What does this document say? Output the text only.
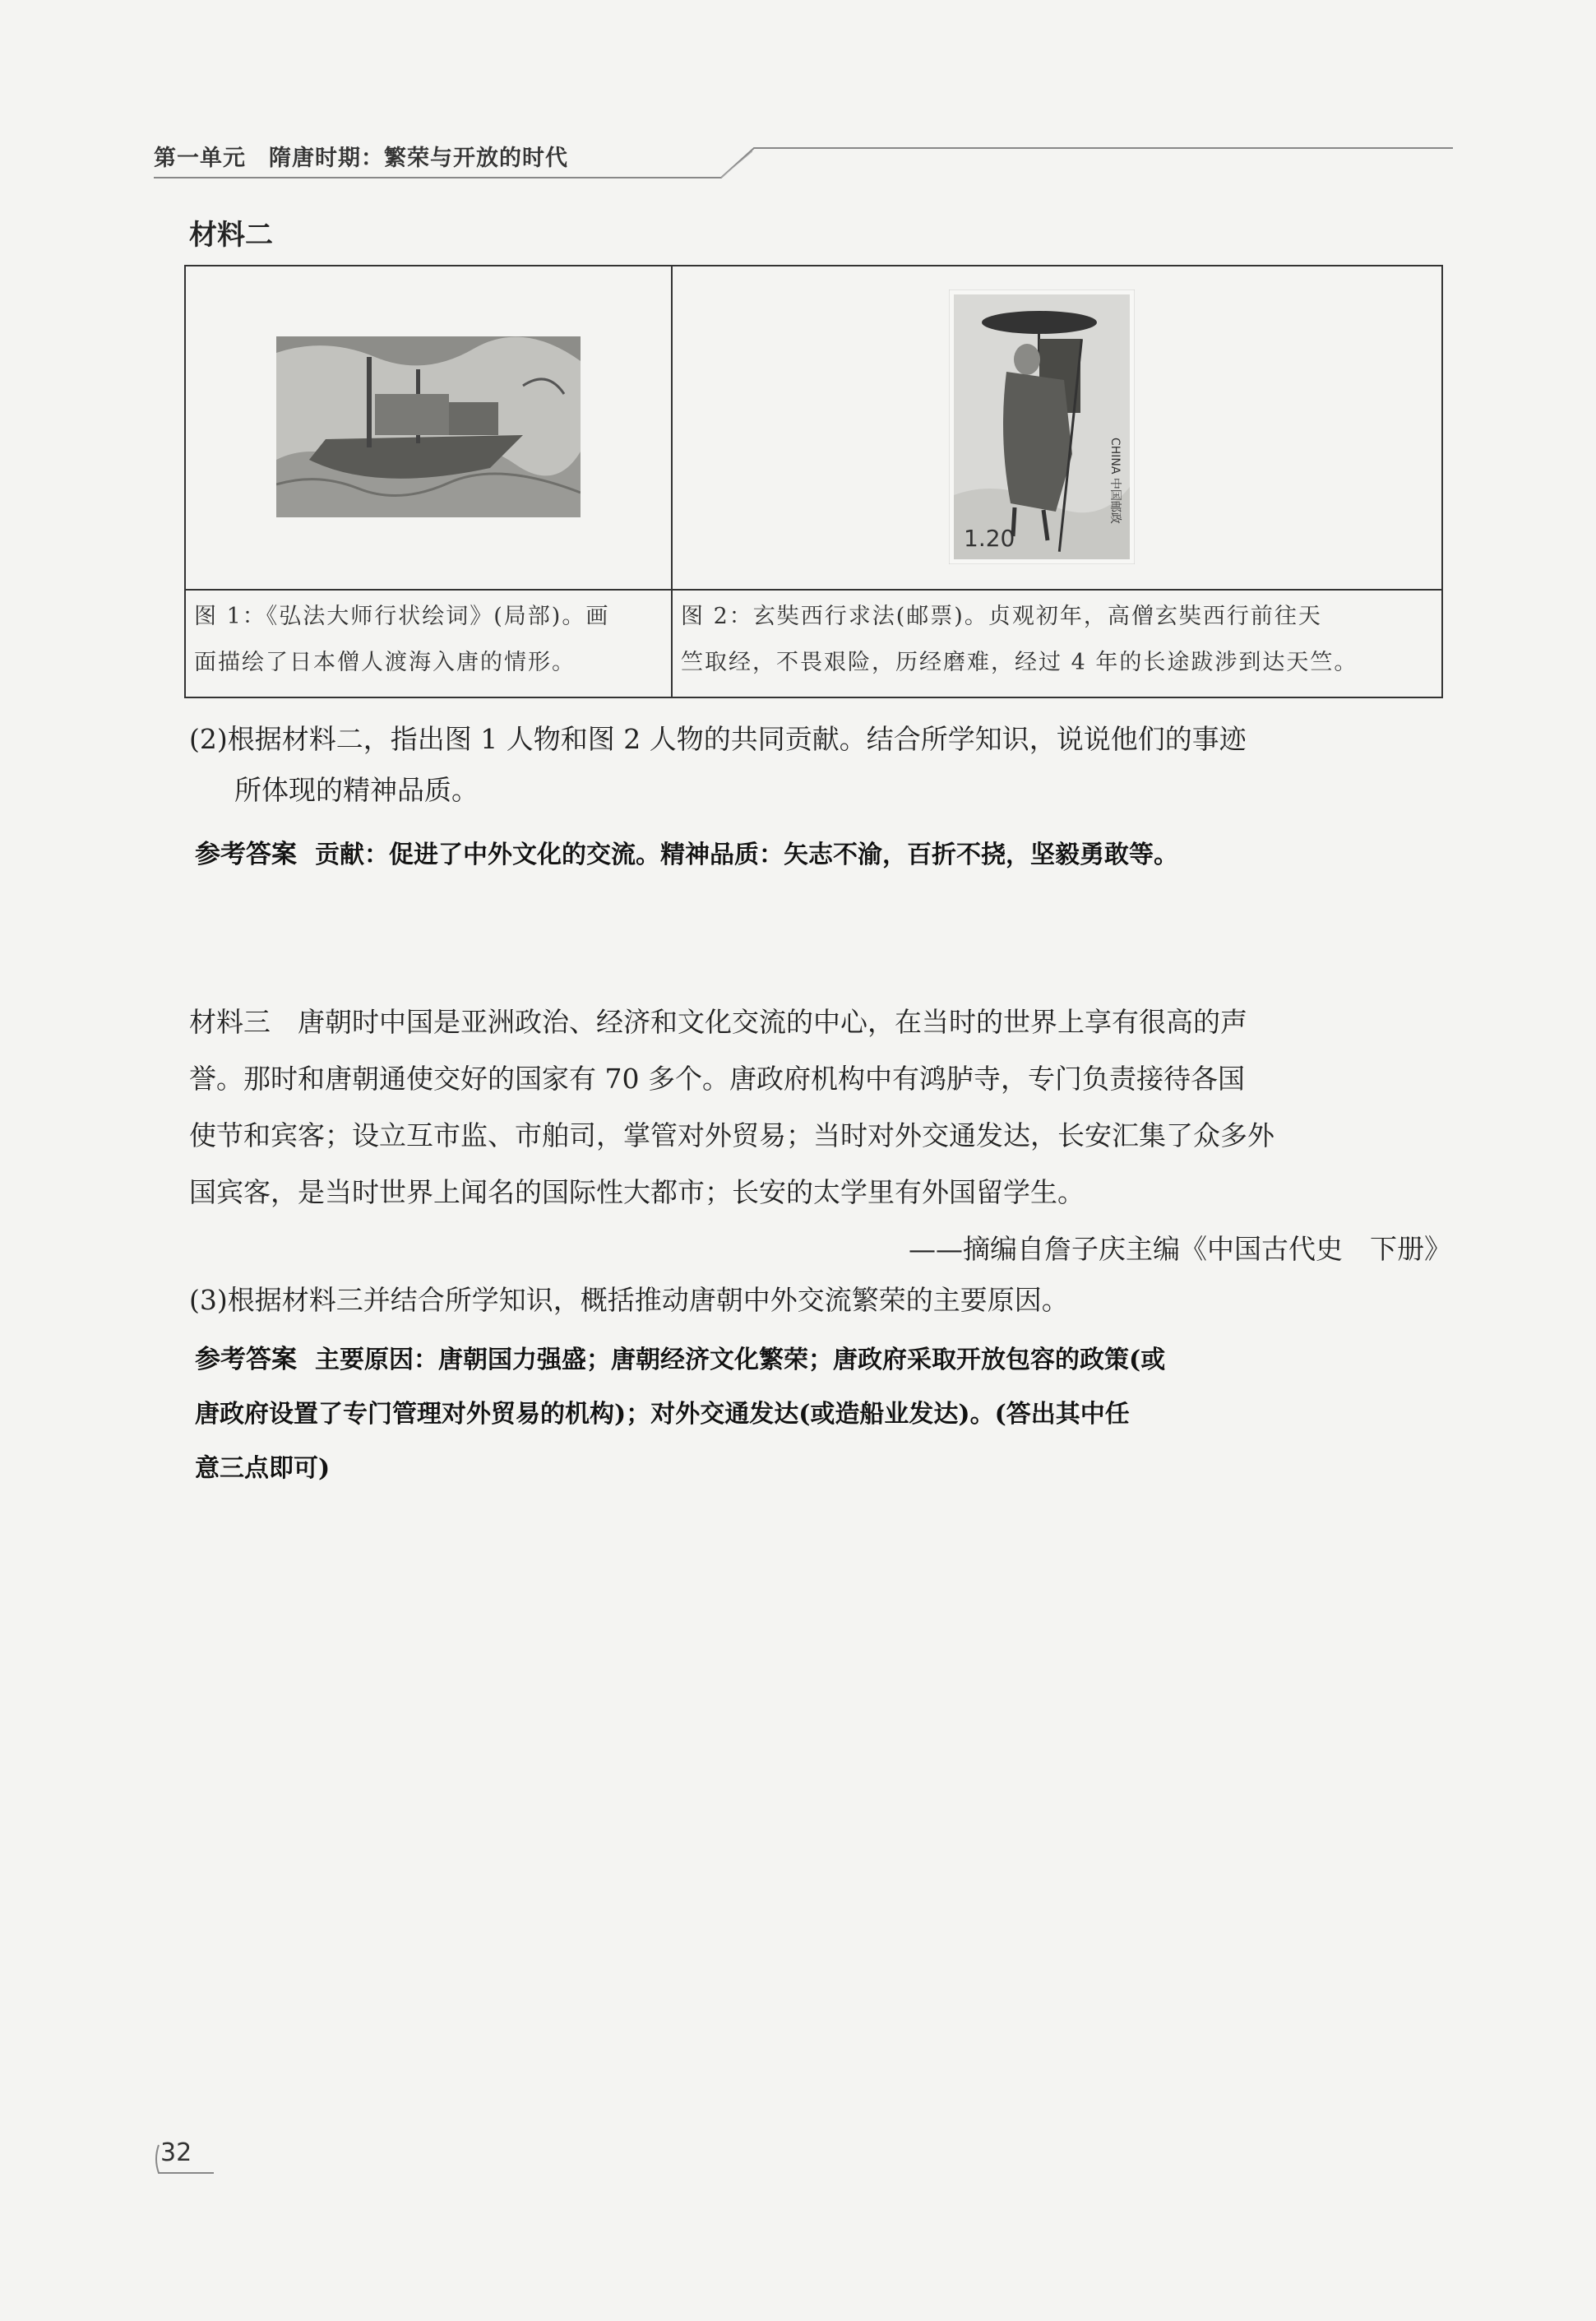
第一单元　隋唐时期：繁荣与开放的时代
材料二
1.20
CHINA 中国邮政
图 1：《弘法大师行状绘词》(局部)。画
面描绘了日本僧人渡海入唐的情形。
图 2：玄奘西行求法(邮票)。贞观初年，高僧玄奘西行前往天
竺取经，不畏艰险，历经磨难，经过 4 年的长途跋涉到达天竺。
(2)根据材料二，指出图 1 人物和图 2 人物的共同贡献。结合所学知识，说说他们的事迹
所体现的精神品质。
参考答案 贡献：促进了中外文化的交流。精神品质：矢志不渝，百折不挠，坚毅勇敢等。
材料三　唐朝时中国是亚洲政治、经济和文化交流的中心，在当时的世界上享有很高的声
誉。那时和唐朝通使交好的国家有 70 多个。唐政府机构中有鸿胪寺，专门负责接待各国
使节和宾客；设立互市监、市舶司，掌管对外贸易；当时对外交通发达，长安汇集了众多外
国宾客，是当时世界上闻名的国际性大都市；长安的太学里有外国留学生。
——摘编自詹子庆主编《中国古代史　下册》
(3)根据材料三并结合所学知识，概括推动唐朝中外交流繁荣的主要原因。
参考答案 主要原因：唐朝国力强盛；唐朝经济文化繁荣；唐政府采取开放包容的政策(或
唐政府设置了专门管理对外贸易的机构)；对外交通发达(或造船业发达)。(答出其中任
意三点即可)
32
